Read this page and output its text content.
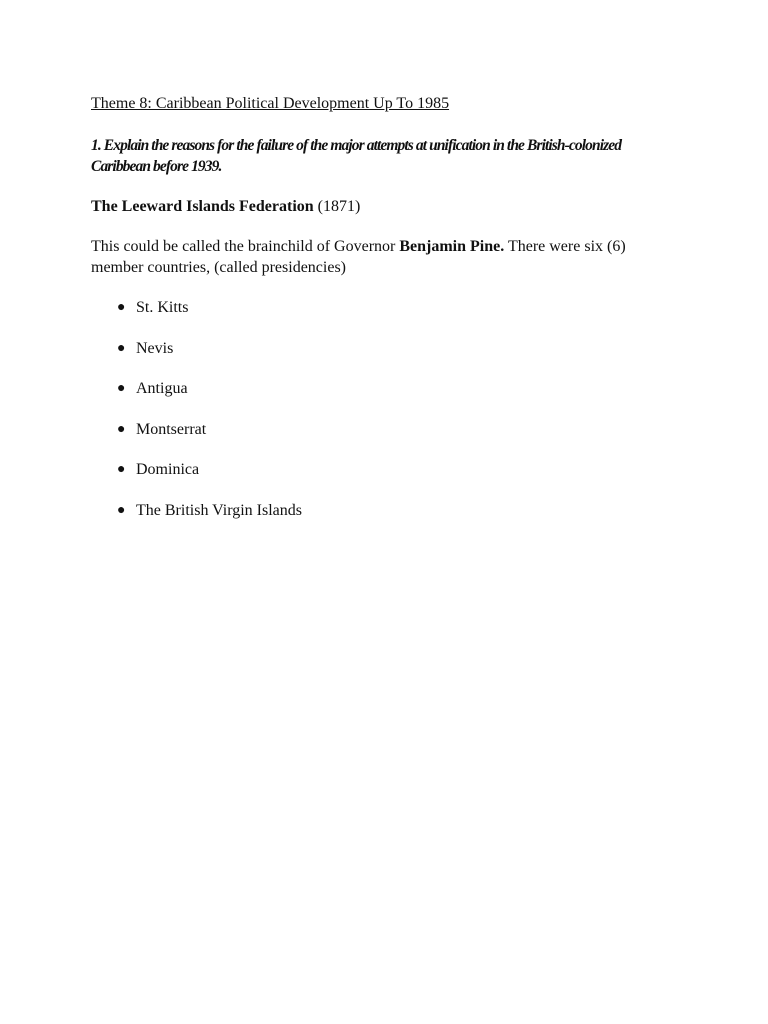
Theme 8: Caribbean Political Development Up To 1985

1. Explain the reasons for the failure of the major attempts at unification in the British-colonized Caribbean before 1939.

The Leeward Islands Federation (1871)

This could be called the brainchild of Governor Benjamin Pine. There were six (6) member countries, (called presidencies)

● St. Kitts
● Nevis
● Antigua
● Montserrat
● Dominica
● The British Virgin Islands
